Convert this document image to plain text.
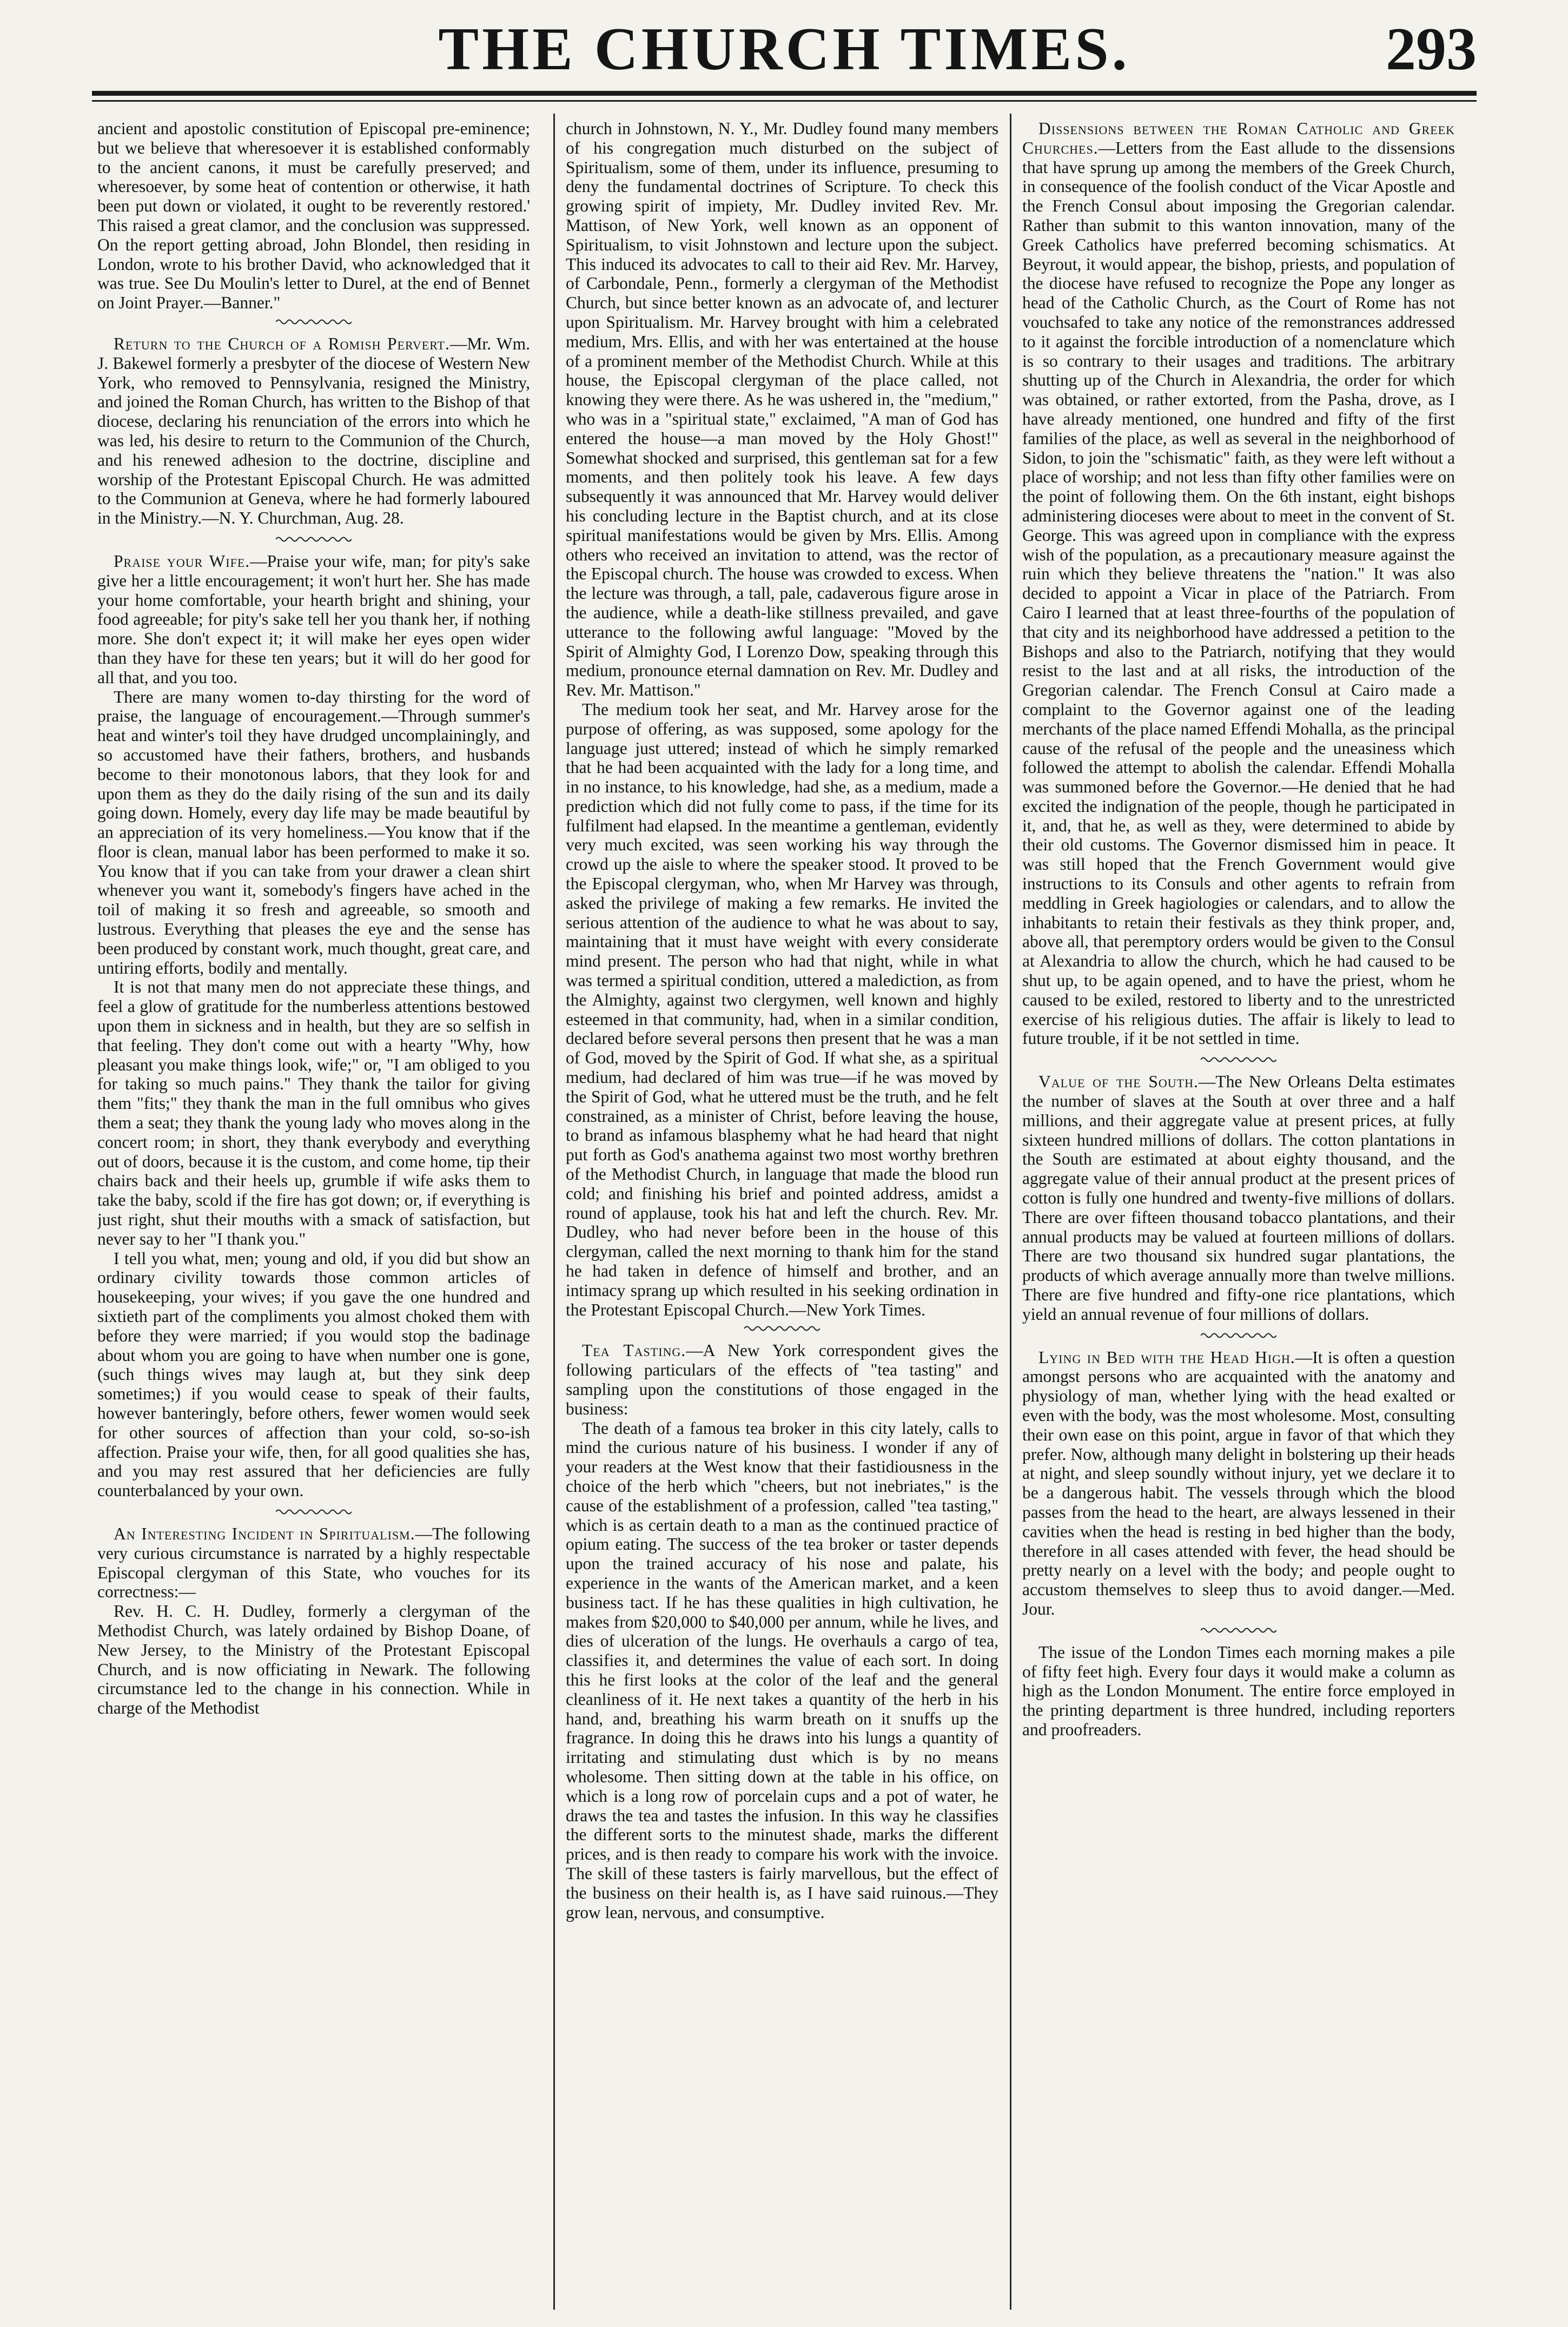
THE CHURCH TIMES.	293

ancient and apostolic constitution of Episcopal pre-eminence; but we believe that wheresoever it is established conformably to the ancient canons, it must be carefully preserved; and wheresoever, by some heat of contention or otherwise, it hath been put down or violated, it ought to be reverently restored.' This raised a great clamor, and the conclusion was suppressed. On the report getting abroad, John Blondel, then residing in London, wrote to his brother David, who acknowledged that it was true. See Du Moulin's letter to Durel, at the end of Bennet on Joint Prayer.—Banner."

Return to the Church of a Romish Pervert.—Mr. Wm. J. Bakewel formerly a presbyter of the diocese of Western New York, who removed to Pennsylvania, resigned the Ministry, and joined the Roman Church, has written to the Bishop of that diocese, declaring his renunciation of the errors into which he was led, his desire to return to the Communion of the Church, and his renewed adhesion to the doctrine, discipline and worship of the Protestant Episcopal Church. He was admitted to the Communion at Geneva, where he had formerly laboured in the Ministry.—N. Y. Churchman, Aug. 28.

Praise your Wife.—Praise your wife, man; for pity's sake give her a little encouragement; it won't hurt her. She has made your home comfortable, your hearth bright and shining, your food agreeable; for pity's sake tell her you thank her, if nothing more. She don't expect it; it will make her eyes open wider than they have for these ten years; but it will do her good for all that, and you too.

There are many women to-day thirsting for the word of praise, the language of encouragement.—Through summer's heat and winter's toil they have drudged uncomplainingly, and so accustomed have their fathers, brothers, and husbands become to their monotonous labors, that they look for and upon them as they do the daily rising of the sun and its daily going down. Homely, every day life may be made beautiful by an appreciation of its very homeliness.—You know that if the floor is clean, manual labor has been performed to make it so. You know that if you can take from your drawer a clean shirt whenever you want it, somebody's fingers have ached in the toil of making it so fresh and agreeable, so smooth and lustrous. Everything that pleases the eye and the sense has been produced by constant work, much thought, great care, and untiring efforts, bodily and mentally.

It is not that many men do not appreciate these things, and feel a glow of gratitude for the numberless attentions bestowed upon them in sickness and in health, but they are so selfish in that feeling. They don't come out with a hearty "Why, how pleasant you make things look, wife;" or, "I am obliged to you for taking so much pains." They thank the tailor for giving them "fits;" they thank the man in the full omnibus who gives them a seat; they thank the young lady who moves along in the concert room; in short, they thank everybody and everything out of doors, because it is the custom, and come home, tip their chairs back and their heels up, grumble if wife asks them to take the baby, scold if the fire has got down; or, if everything is just right, shut their mouths with a smack of satisfaction, but never say to her "I thank you."

I tell you what, men; young and old, if you did but show an ordinary civility towards those common articles of housekeeping, your wives; if you gave the one hundred and sixtieth part of the compliments you almost choked them with before they were married; if you would stop the badinage about whom you are going to have when number one is gone, (such things wives may laugh at, but they sink deep sometimes;) if you would cease to speak of their faults, however banteringly, before others, fewer women would seek for other sources of affection than your cold, so-so-ish affection. Praise your wife, then, for all good qualities she has, and you may rest assured that her deficiencies are fully counterbalanced by your own.

An Interesting Incident in Spiritualism.—The following very curious circumstance is narrated by a highly respectable Episcopal clergyman of this State, who vouches for its correctness:—

Rev. H. C. H. Dudley, formerly a clergyman of the Methodist Church, was lately ordained by Bishop Doane, of New Jersey, to the Ministry of the Protestant Episcopal Church, and is now officiating in Newark. The following circumstance led to the change in his connection. While in charge of the Methodist

church in Johnstown, N. Y., Mr. Dudley found many members of his congregation much disturbed on the subject of Spiritualism, some of them, under its influence, presuming to deny the fundamental doctrines of Scripture. To check this growing spirit of impiety, Mr. Dudley invited Rev. Mr. Mattison, of New York, well known as an opponent of Spiritualism, to visit Johnstown and lecture upon the subject. This induced its advocates to call to their aid Rev. Mr. Harvey, of Carbondale, Penn., formerly a clergyman of the Methodist Church, but since better known as an advocate of, and lecturer upon Spiritualism. Mr. Harvey brought with him a celebrated medium, Mrs. Ellis, and with her was entertained at the house of a prominent member of the Methodist Church. While at this house, the Episcopal clergyman of the place called, not knowing they were there. As he was ushered in, the "medium," who was in a "spiritual state," exclaimed, "A man of God has entered the house—a man moved by the Holy Ghost!" Somewhat shocked and surprised, this gentleman sat for a few moments, and then politely took his leave. A few days subsequently it was announced that Mr. Harvey would deliver his concluding lecture in the Baptist church, and at its close spiritual manifestations would be given by Mrs. Ellis. Among others who received an invitation to attend, was the rector of the Episcopal church. The house was crowded to excess. When the lecture was through, a tall, pale, cadaverous figure arose in the audience, while a death-like stillness prevailed, and gave utterance to the following awful language: "Moved by the Spirit of Almighty God, I Lorenzo Dow, speaking through this medium, pronounce eternal damnation on Rev. Mr. Dudley and Rev. Mr. Mattison."

The medium took her seat, and Mr. Harvey arose for the purpose of offering, as was supposed, some apology for the language just uttered; instead of which he simply remarked that he had been acquainted with the lady for a long time, and in no instance, to his knowledge, had she, as a medium, made a prediction which did not fully come to pass, if the time for its fulfilment had elapsed. In the meantime a gentleman, evidently very much excited, was seen working his way through the crowd up the aisle to where the speaker stood. It proved to be the Episcopal clergyman, who, when Mr Harvey was through, asked the privilege of making a few remarks. He invited the serious attention of the audience to what he was about to say, maintaining that it must have weight with every considerate mind present. The person who had that night, while in what was termed a spiritual condition, uttered a malediction, as from the Almighty, against two clergymen, well known and highly esteemed in that community, had, when in a similar condition, declared before several persons then present that he was a man of God, moved by the Spirit of God. If what she, as a spiritual medium, had declared of him was true—if he was moved by the Spirit of God, what he uttered must be the truth, and he felt constrained, as a minister of Christ, before leaving the house, to brand as infamous blasphemy what he had heard that night put forth as God's anathema against two most worthy brethren of the Methodist Church, in language that made the blood run cold; and finishing his brief and pointed address, amidst a round of applause, took his hat and left the church. Rev. Mr. Dudley, who had never before been in the house of this clergyman, called the next morning to thank him for the stand he had taken in defence of himself and brother, and an intimacy sprang up which resulted in his seeking ordination in the Protestant Episcopal Church.—New York Times.

Tea Tasting.—A New York correspondent gives the following particulars of the effects of "tea tasting" and sampling upon the constitutions of those engaged in the business:

The death of a famous tea broker in this city lately, calls to mind the curious nature of his business. I wonder if any of your readers at the West know that their fastidiousness in the choice of the herb which "cheers, but not inebriates," is the cause of the establishment of a profession, called "tea tasting," which is as certain death to a man as the continued practice of opium eating. The success of the tea broker or taster depends upon the trained accuracy of his nose and palate, his experience in the wants of the American market, and a keen business tact. If he has these qualities in high cultivation, he makes from $20,000 to $40,000 per annum, while he lives, and dies of ulceration of the lungs. He overhauls a cargo of tea, classifies it, and determines the value of each sort. In doing this he first looks at the color of the leaf and the general cleanliness of it. He next takes a quantity of the herb in his hand, and, breathing his warm breath on it snuffs up the fragrance. In doing this he draws into his lungs a quantity of irritating and stimulating dust which is by no means wholesome. Then sitting down at the table in his office, on which is a long row of porcelain cups and a pot of water, he draws the tea and tastes the infusion. In this way he classifies the different sorts to the minutest shade, marks the different prices, and is then ready to compare his work with the invoice. The skill of these tasters is fairly marvellous, but the effect of the business on their health is, as I have said ruinous.—They grow lean, nervous, and consumptive.

Dissensions between the Roman Catholic and Greek Churches.—Letters from the East allude to the dissensions that have sprung up among the members of the Greek Church, in consequence of the foolish conduct of the Vicar Apostle and the French Consul about imposing the Gregorian calendar. Rather than submit to this wanton innovation, many of the Greek Catholics have preferred becoming schismatics. At Beyrout, it would appear, the bishop, priests, and population of the diocese have refused to recognize the Pope any longer as head of the Catholic Church, as the Court of Rome has not vouchsafed to take any notice of the remonstrances addressed to it against the forcible introduction of a nomenclature which is so contrary to their usages and traditions. The arbitrary shutting up of the Church in Alexandria, the order for which was obtained, or rather extorted, from the Pasha, drove, as I have already mentioned, one hundred and fifty of the first families of the place, as well as several in the neighborhood of Sidon, to join the "schismatic" faith, as they were left without a place of worship; and not less than fifty other families were on the point of following them. On the 6th instant, eight bishops administering dioceses were about to meet in the convent of St. George. This was agreed upon in compliance with the express wish of the population, as a precautionary measure against the ruin which they believe threatens the "nation." It was also decided to appoint a Vicar in place of the Patriarch. From Cairo I learned that at least three-fourths of the population of that city and its neighborhood have addressed a petition to the Bishops and also to the Patriarch, notifying that they would resist to the last and at all risks, the introduction of the Gregorian calendar. The French Consul at Cairo made a complaint to the Governor against one of the leading merchants of the place named Effendi Mohalla, as the principal cause of the refusal of the people and the uneasiness which followed the attempt to abolish the calendar. Effendi Mohalla was summoned before the Governor.—He denied that he had excited the indignation of the people, though he participated in it, and, that he, as well as they, were determined to abide by their old customs. The Governor dismissed him in peace. It was still hoped that the French Government would give instructions to its Consuls and other agents to refrain from meddling in Greek hagiologies or calendars, and to allow the inhabitants to retain their festivals as they think proper, and, above all, that peremptory orders would be given to the Consul at Alexandria to allow the church, which he had caused to be shut up, to be again opened, and to have the priest, whom he caused to be exiled, restored to liberty and to the unrestricted exercise of his religious duties. The affair is likely to lead to future trouble, if it be not settled in time.

Value of the South.—The New Orleans Delta estimates the number of slaves at the South at over three and a half millions, and their aggregate value at present prices, at fully sixteen hundred millions of dollars. The cotton plantations in the South are estimated at about eighty thousand, and the aggregate value of their annual product at the present prices of cotton is fully one hundred and twenty-five millions of dollars. There are over fifteen thousand tobacco plantations, and their annual products may be valued at fourteen millions of dollars. There are two thousand six hundred sugar plantations, the products of which average annually more than twelve millions. There are five hundred and fifty-one rice plantations, which yield an annual revenue of four millions of dollars.

Lying in Bed with the Head High.—It is often a question amongst persons who are acquainted with the anatomy and physiology of man, whether lying with the head exalted or even with the body, was the most wholesome. Most, consulting their own ease on this point, argue in favor of that which they prefer. Now, although many delight in bolstering up their heads at night, and sleep soundly without injury, yet we declare it to be a dangerous habit. The vessels through which the blood passes from the head to the heart, are always lessened in their cavities when the head is resting in bed higher than the body, therefore in all cases attended with fever, the head should be pretty nearly on a level with the body; and people ought to accustom themselves to sleep thus to avoid danger.—Med. Jour.

The issue of the London Times each morning makes a pile of fifty feet high. Every four days it would make a column as high as the London Monument. The entire force employed in the printing department is three hundred, including reporters and proofreaders.
